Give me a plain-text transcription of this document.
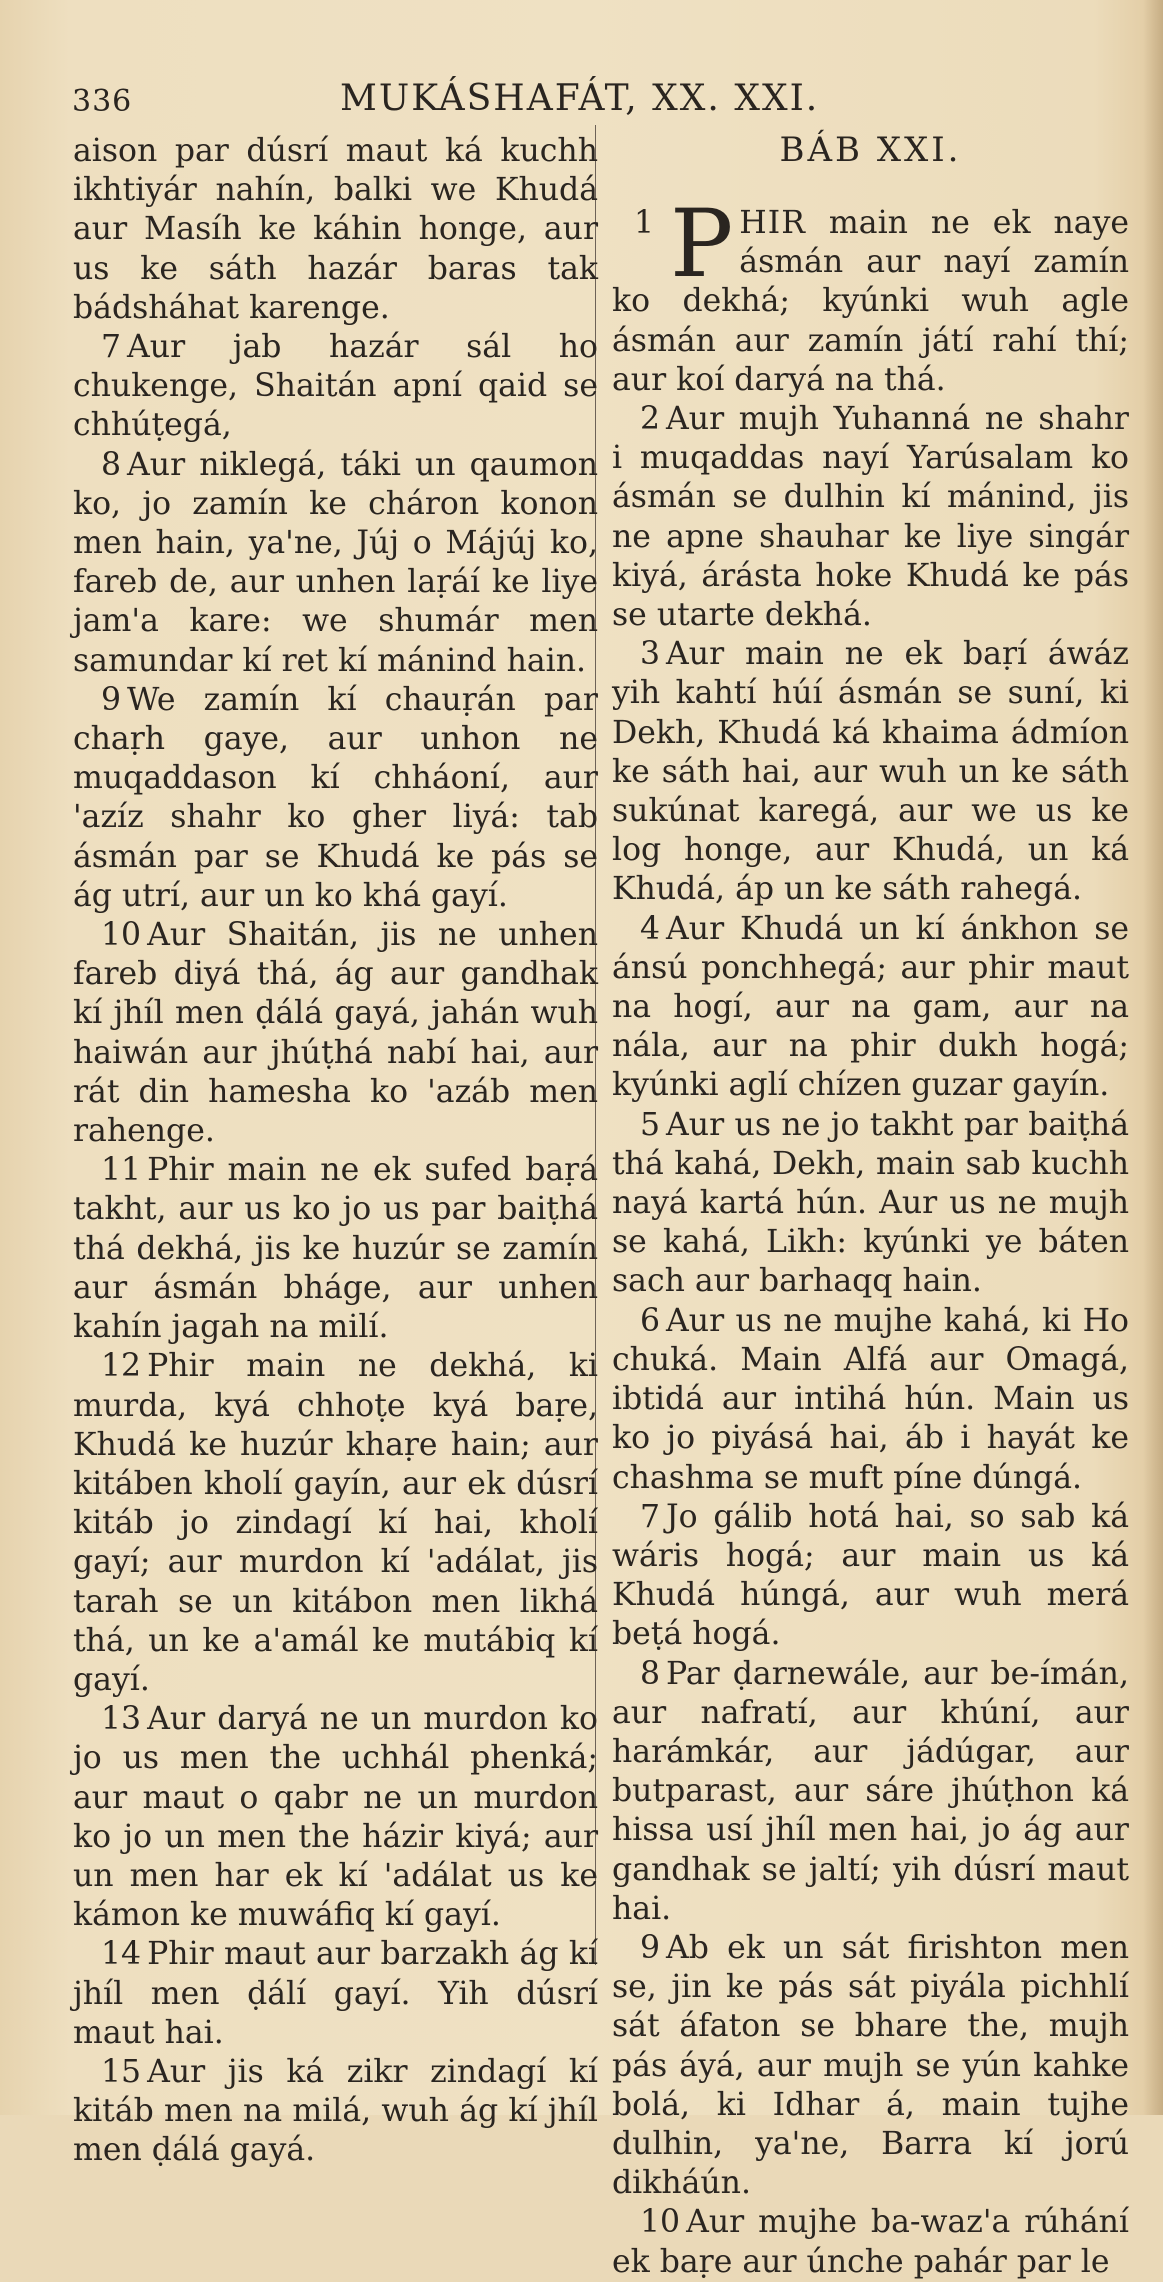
336	MUKÁSHAFÁT, XX. XXI.

aison par dúsrí maut ká kuchh ikhtiyár nahín, balki we Khudá aur Masíh ke káhin honge, aur us ke sáth hazár baras tak bádsháhat karenge.

7 Aur jab hazár sál ho chukenge, Shaitán apní qaid se chhúṭegá,

8 Aur niklegá, táki un qaumon ko, jo zamín ke cháron konon men hain, ya'ne, Júj o Májúj ko, fareb de, aur unhen laṛáí ke liye jam'a kare: we shumár men samundar kí ret kí mánind hain.

9 We zamín kí chauṛán par chaṛh gaye, aur unhon ne muqaddason kí chháoní, aur 'azíz shahr ko gher liyá: tab ásmán par se Khudá ke pás se ág utrí, aur un ko khá gayí.

10 Aur Shaitán, jis ne unhen fareb diyá thá, ág aur gandhak kí jhíl men ḍálá gayá, jahán wuh haiwán aur jhúṭhá nabí hai, aur rát din hamesha ko 'azáb men rahenge.

11 Phir main ne ek sufed baṛá takht, aur us ko jo us par baiṭhá thá dekhá, jis ke huzúr se zamín aur ásmán bháge, aur unhen kahín jagah na milí.

12 Phir main ne dekhá, ki murda, kyá chhoṭe kyá baṛe, Khudá ke huzúr khaṛe hain; aur kitáben kholí gayín, aur ek dúsrí kitáb jo zindagí kí hai, kholí gayí; aur murdon kí 'adálat, jis tarah se un kitábon men likhá thá, un ke a'amál ke mutábiq kí gayí.

13 Aur daryá ne un murdon ko jo us men the uchhál phenká; aur maut o qabr ne un murdon ko jo un men the házir kiyá; aur un men har ek kí 'adálat us ke kámon ke muwáfiq kí gayí.

14 Phir maut aur barzakh ág kí jhíl men ḍálí gayí. Yih dúsrí maut hai.

15 Aur jis ká zikr zindagí kí kitáb men na milá, wuh ág kí jhíl men ḍálá gayá.

BÁB XXI.

1 P HIR main ne ek naye ásmán aur nayí zamín ko dekhá; kyúnki wuh agle ásmán aur zamín játí rahí thí; aur koí daryá na thá.

2 Aur mujh Yuhanná ne shahr i muqaddas nayí Yarúsalam ko ásmán se dulhin kí mánind, jis ne apne shauhar ke liye singár kiyá, árásta hoke Khudá ke pás se utarte dekhá.

3 Aur main ne ek baṛí áwáz yih kahtí húí ásmán se suní, ki Dekh, Khudá ká khaima ádmíon ke sáth hai, aur wuh un ke sáth sukúnat karegá, aur we us ke log honge, aur Khudá, un ká Khudá, áp un ke sáth rahegá.

4 Aur Khudá un kí ánkhon se ánsú ponchhegá; aur phir maut na hogí, aur na gam, aur na nála, aur na phir dukh hogá; kyúnki aglí chízen guzar gayín.

5 Aur us ne jo takht par baiṭhá thá kahá, Dekh, main sab kuchh nayá kartá hún. Aur us ne mujh se kahá, Likh: kyúnki ye báten sach aur barhaqq hain.

6 Aur us ne mujhe kahá, ki Ho chuká. Main Alfá aur Omagá, ibtidá aur intihá hún. Main us ko jo piyásá hai, áb i hayát ke chashma se muft píne dúngá.

7 Jo gálib hotá hai, so sab ká wáris hogá; aur main us ká Khudá húngá, aur wuh merá beṭá hogá.

8 Par ḍarnewále, aur be-ímán, aur nafratí, aur khúní, aur harámkár, aur jádúgar, aur butparast, aur sáre jhúṭhon ká hissa usí jhíl men hai, jo ág aur gandhak se jaltí; yih dúsrí maut hai.

9 Ab ek un sát firishton men se, jin ke pás sát piyála pichhlí sát áfaton se bhare the, mujh pás áyá, aur mujh se yún kahke bolá, ki Idhar á, main tujhe dulhin, ya'ne, Barra kí jorú dikháún.

10 Aur mujhe ba-waz'a rúhání ek baṛe aur únche pahár par le
